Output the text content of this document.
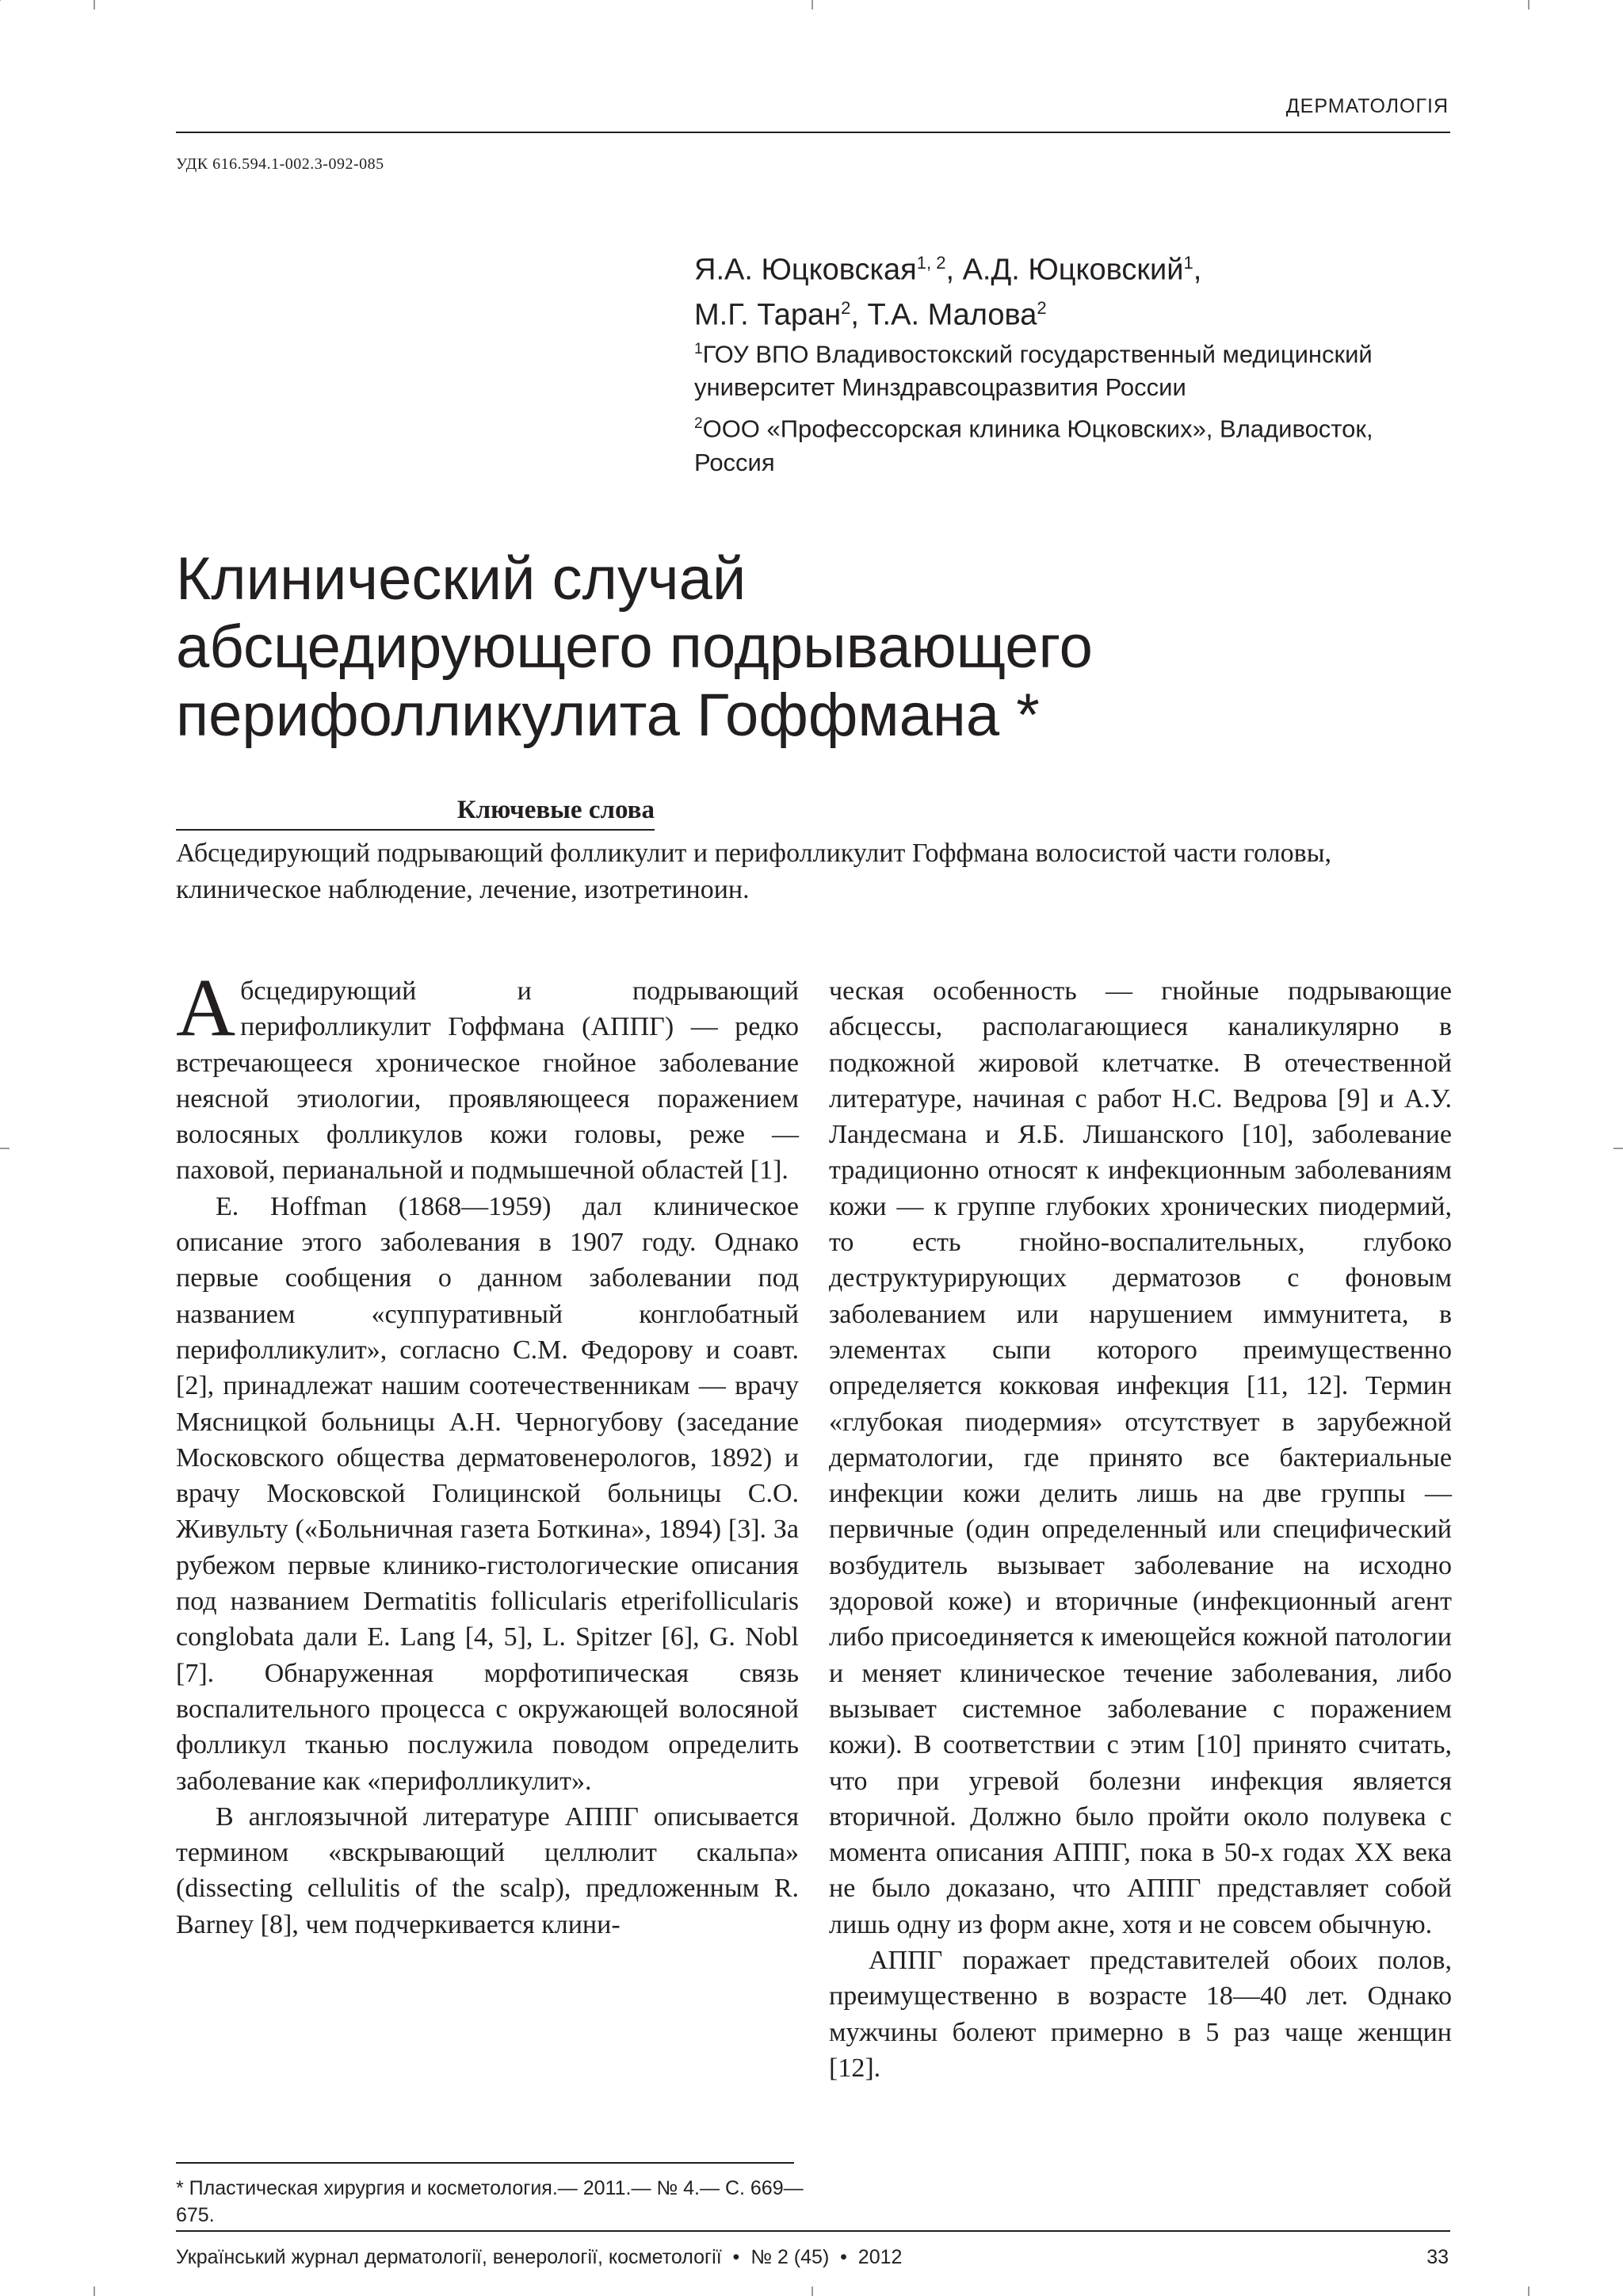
ДЕРМАТОЛОГІЯ
УДК 616.594.1-002.3-092-085

Я.А. Юцковская$^{1, 2}$, А.Д. Юцковский$^1$,

М.Г. Таран$^2$, Т.А. Малова$^2$

$^1$ГОУ ВПО Владивостокский государственный медицинский университет Минздравсоцразвития России

$^2$ООО «Профессорская клиника Юцковских», Владивосток, Россия

Клинический случай

абсцедирующего подрывающего

перифолликулита Гоффмана *

Ключевые слова
Абсцедирующий подрывающий фолликулит и перифолликулит Гоффмана волосистой части головы, клиническое наблюдение, лечение, изотретиноин.

Абсцедирующий и подрывающий перифолликулит Гоффмана (АППГ) — редко встречающееся хроническое гнойное заболевание неясной этиологии, проявляющееся поражением волосяных фолликулов кожи головы, реже — паховой, перианальной и подмышечной областей [1].

E. Hoffman (1868—1959) дал клиническое описание этого заболевания в 1907 году. Однако первые сообщения о данном заболевании под названием «суппуративный конглобатный перифолликулит», согласно С.М. Федорову и соавт. [2], принадлежат нашим соотечественникам — врачу Мясницкой больницы А.Н. Черногубову (заседание Московского общества дерматовенерологов, 1892) и врачу Московской Голицинской больницы С.О. Живульту («Больничная газета Боткина», 1894) [3]. За рубежом первые клинико-гистологические описания под названием Dermatitis follicularis etperifollicularis conglobata дали E. Lang [4, 5], L. Spitzer [6], G. Nobl [7]. Обнаруженная морфотипическая связь воспалительного процесса с окружающей волосяной фолликул тканью послужила поводом определить заболевание как «перифолликулит».

В англоязычной литературе АППГ описывается термином «вскрывающий целлюлит скальпа» (dissecting cellulitis of the scalp), предложенным R. Barney [8], чем подчеркивается клини-

ческая особенность — гнойные подрывающие абсцессы, располагающиеся каналикулярно в подкожной жировой клетчатке. В отечественной литературе, начиная с работ Н.С. Ведрова [9] и А.У. Ландесмана и Я.Б. Лишанского [10], заболевание традиционно относят к инфекционным заболеваниям кожи — к группе глубоких хронических пиодермий, то есть гнойно-воспалительных, глубоко деструктурирующих дерматозов с фоновым заболеванием или нарушением иммунитета, в элементах сыпи которого преимущественно определяется кокковая инфекция [11, 12]. Термин «глубокая пиодермия» отсутствует в зарубежной дерматологии, где принято все бактериальные инфекции кожи делить лишь на две группы — первичные (один определенный или специфический возбудитель вызывает заболевание на исходно здоровой коже) и вторичные (инфекционный агент либо присоединяется к имеющейся кожной патологии и меняет клиническое течение заболевания, либо вызывает системное заболевание с поражением кожи). В соответствии с этим [10] принято считать, что при угревой болезни инфекция является вторичной. Должно было пройти около полувека с момента описания АППГ, пока в 50-х годах XX века не было доказано, что АППГ представляет собой лишь одну из форм акне, хотя и не совсем обычную.

АППГ поражает представителей обоих полов, преимущественно в возрасте 18—40 лет. Однако мужчины болеют примерно в 5 раз чаще женщин [12].

* Пластическая хирургия и косметология.— 2011.— № 4.— С. 669—675.
Український журнал дерматології, венерології, косметології  •  № 2 (45)  •  2012	33
